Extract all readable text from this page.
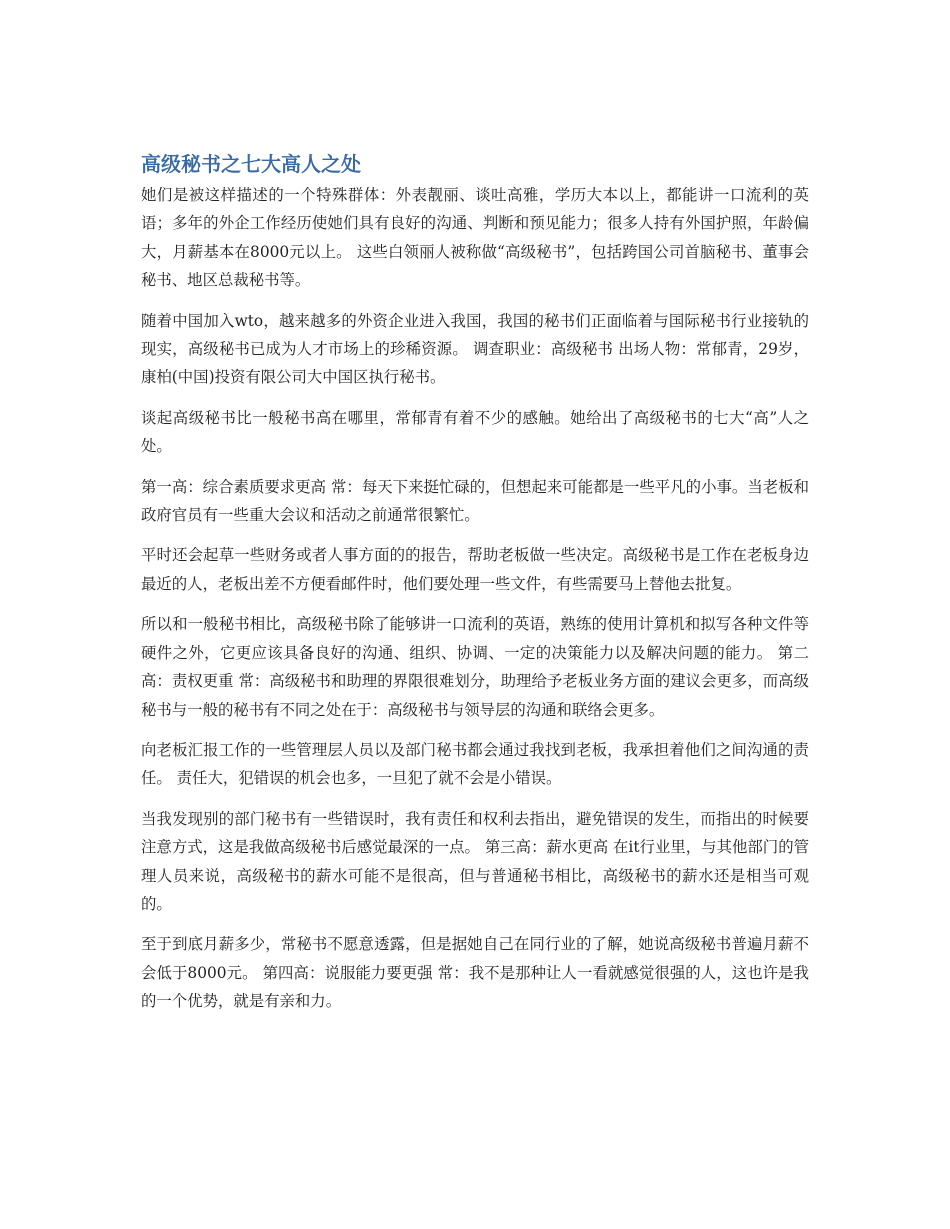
高级秘书之七大高人之处

她们是被这样描述的一个特殊群体：外表靓丽、谈吐高雅，学历大本以上，都能讲一口流利的英语；多年的外企工作经历使她们具有良好的沟通、判断和预见能力；很多人持有外国护照，年龄偏大，月薪基本在8000元以上。 这些白领丽人被称做“高级秘书”，包括跨国公司首脑秘书、董事会秘书、地区总裁秘书等。

随着中国加入wto，越来越多的外资企业进入我国，我国的秘书们正面临着与国际秘书行业接轨的现实，高级秘书已成为人才市场上的珍稀资源。 调查职业：高级秘书 出场人物：常郁青，29岁，康柏(中国)投资有限公司大中国区执行秘书。

谈起高级秘书比一般秘书高在哪里，常郁青有着不少的感触。她给出了高级秘书的七大“高”人之处。

第一高：综合素质要求更高 常：每天下来挺忙碌的，但想起来可能都是一些平凡的小事。当老板和政府官员有一些重大会议和活动之前通常很繁忙。

平时还会起草一些财务或者人事方面的的报告，帮助老板做一些决定。高级秘书是工作在老板身边最近的人，老板出差不方便看邮件时，他们要处理一些文件，有些需要马上替他去批复。

所以和一般秘书相比，高级秘书除了能够讲一口流利的英语，熟练的使用计算机和拟写各种文件等硬件之外，它更应该具备良好的沟通、组织、协调、一定的决策能力以及解决问题的能力。 第二高：责权更重 常：高级秘书和助理的界限很难划分，助理给予老板业务方面的建议会更多，而高级秘书与一般的秘书有不同之处在于：高级秘书与领导层的沟通和联络会更多。

向老板汇报工作的一些管理层人员以及部门秘书都会通过我找到老板，我承担着他们之间沟通的责任。 责任大，犯错误的机会也多，一旦犯了就不会是小错误。

当我发现别的部门秘书有一些错误时，我有责任和权利去指出，避免错误的发生，而指出的时候要注意方式，这是我做高级秘书后感觉最深的一点。 第三高：薪水更高 在it行业里，与其他部门的管理人员来说，高级秘书的薪水可能不是很高，但与普通秘书相比，高级秘书的薪水还是相当可观的。

至于到底月薪多少，常秘书不愿意透露，但是据她自己在同行业的了解，她说高级秘书普遍月薪不会低于8000元。 第四高：说服能力要更强 常：我不是那种让人一看就感觉很强的人，这也许是我的一个优势，就是有亲和力。
